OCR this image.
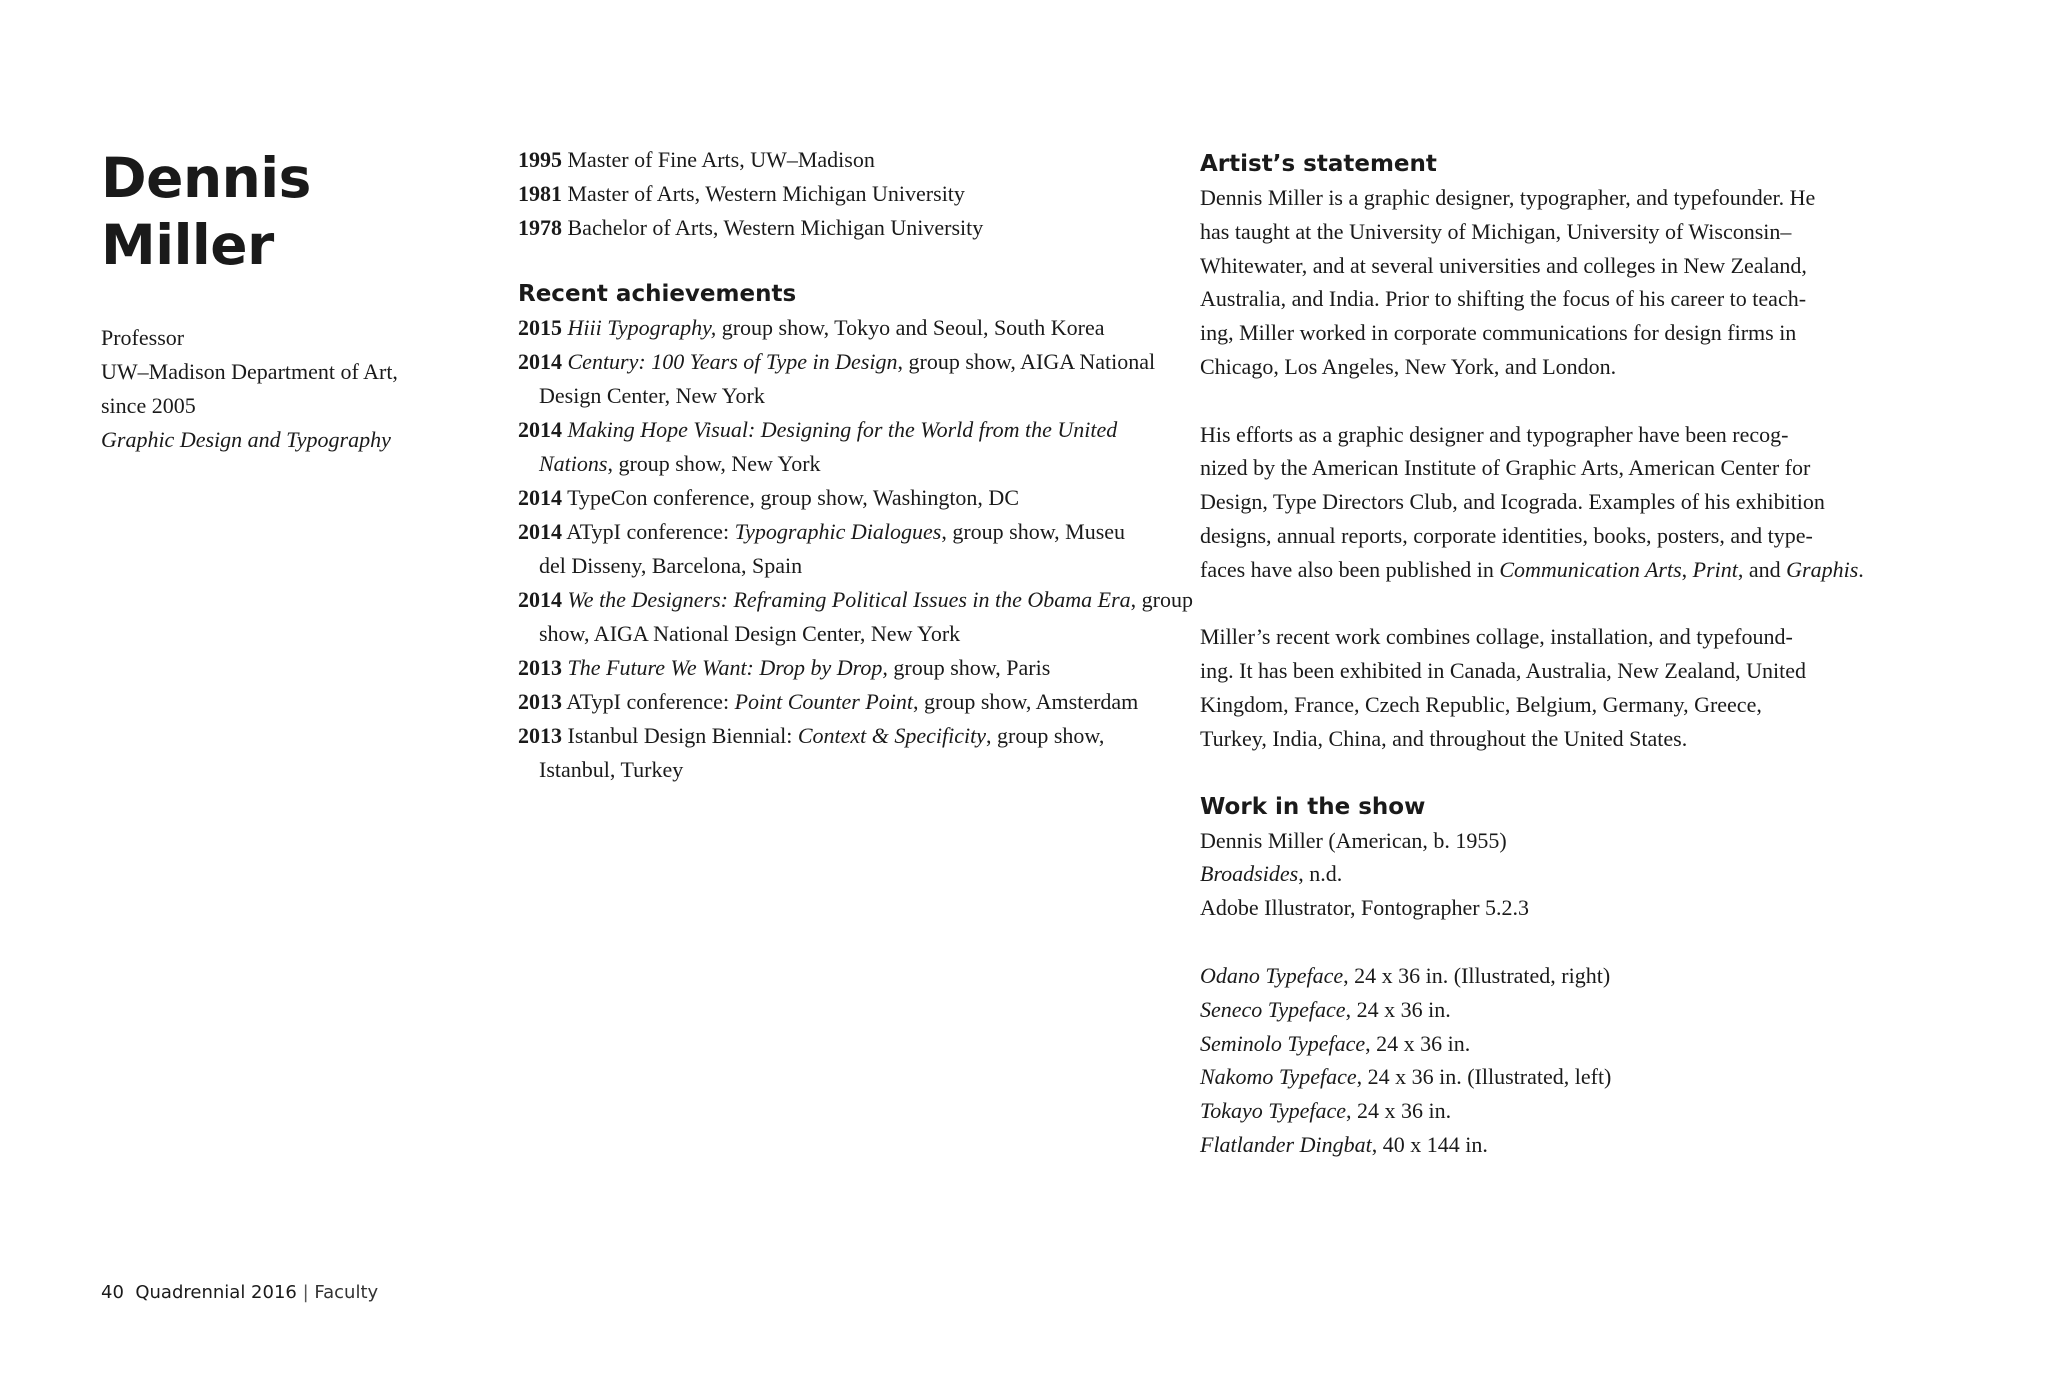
Dennis
Miller
Professor
UW–Madison Department of Art,
since 2005
Graphic Design and Typography
1995 Master of Fine Arts, UW–Madison
1981 Master of Arts, Western Michigan University
1978 Bachelor of Arts, Western Michigan University
Recent achievements
2015 Hiii Typography, group show, Tokyo and Seoul, South Korea
2014 Century: 100 Years of Type in Design, group show, AIGA National
Design Center, New York
2014 Making Hope Visual: Designing for the World from the United
Nations, group show, New York
2014 TypeCon conference, group show, Washington, DC
2014 ATypI conference: Typographic Dialogues, group show, Museu
del Disseny, Barcelona, Spain
2014 We the Designers: Reframing Political Issues in the Obama Era, group
show, AIGA National Design Center, New York
2013 The Future We Want: Drop by Drop, group show, Paris
2013 ATypI conference: Point Counter Point, group show, Amsterdam
2013 Istanbul Design Biennial: Context & Specificity, group show,
Istanbul, Turkey
Artist’s statement
Dennis Miller is a graphic designer, typographer, and typefounder. He
has taught at the University of Michigan, University of Wisconsin–
Whitewater, and at several universities and colleges in New Zealand,
Australia, and India. Prior to shifting the focus of his career to teach-
ing, Miller worked in corporate communications for design firms in
Chicago, Los Angeles, New York, and London.
His efforts as a graphic designer and typographer have been recog-
nized by the American Institute of Graphic Arts, American Center for
Design, Type Directors Club, and Icograda. Examples of his exhibition
designs, annual reports, corporate identities, books, posters, and type-
faces have also been published in Communication Arts, Print, and Graphis.
Miller’s recent work combines collage, installation, and typefound-
ing. It has been exhibited in Canada, Australia, New Zealand, United
Kingdom, France, Czech Republic, Belgium, Germany, Greece,
Turkey, India, China, and throughout the United States.
Work in the show
Dennis Miller (American, b. 1955)
Broadsides, n.d.
Adobe Illustrator, Fontographer 5.2.3
Odano Typeface, 24 x 36 in. (Illustrated, right)
Seneco Typeface, 24 x 36 in.
Seminolo Typeface, 24 x 36 in.
Nakomo Typeface, 24 x 36 in. (Illustrated, left)
Tokayo Typeface, 24 x 36 in.
Flatlander Dingbat, 40 x 144 in.
40 Quadrennial 2016 | Faculty
